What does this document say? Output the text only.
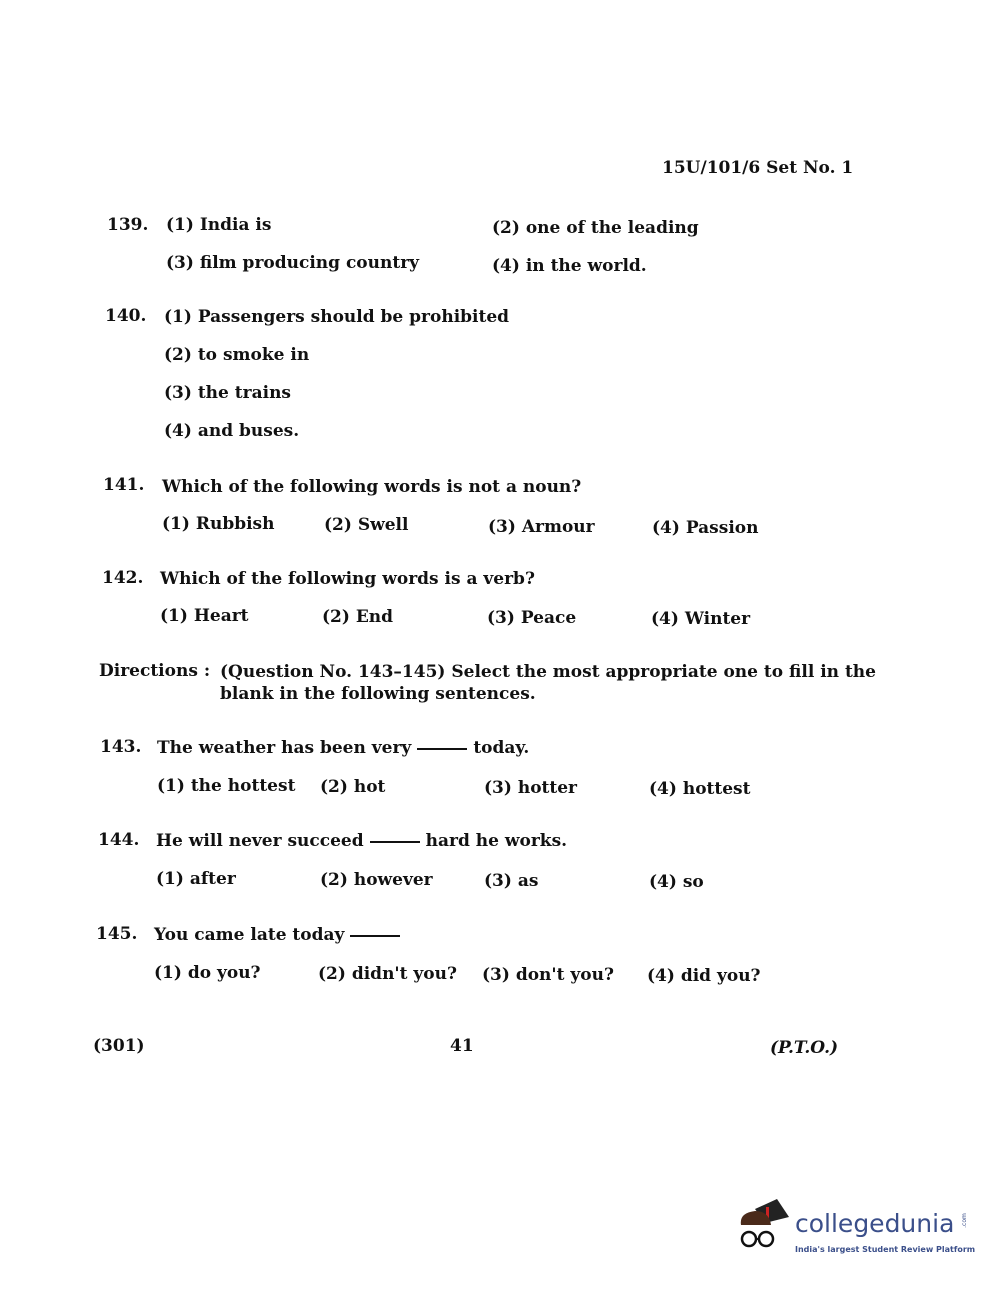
15U/101/6 Set No. 1
139. (1) India is	(2) one of the leading
(3) film producing country	(4) in the world.
140. (1) Passengers should be prohibited
(2) to smoke in
(3) the trains
(4) and buses.
141. Which of the following words is not a noun?
(1) Rubbish	(2) Swell	(3) Armour	(4) Passion
142. Which of the following words is a verb?
(1) Heart	(2) End	(3) Peace	(4) Winter
Directions : (Question No. 143–145) Select the most appropriate one to fill in the
blank in the following sentences.
143. The weather has been very	today.
(1) the hottest (2) hot	(3) hotter	(4) hottest
144. He will never succeed	hard he works.
(1) after	(2) however	(3) as	(4) so
145. You came late today
(1) do you?	(2) didn't you? (3) don't you? (4) did you?
(301)	41	(P.T.O.)
collegedunia .com
India's largest Student Review Platform
